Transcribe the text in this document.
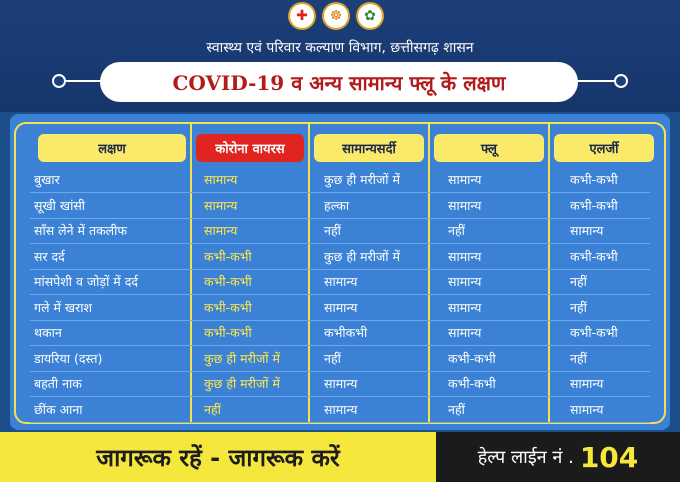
✚	☸	✿
स्वास्थ्य एवं परिवार कल्याण विभाग, छत्तीसगढ़ शासन
COVID-19 व अन्य सामान्य फ्लू के लक्षण
लक्षण	कोरोना वायरस	सामान्यसर्दी	फ्लू	एलर्जी
बुखार	सामान्य	कुछ ही मरीजों में	सामान्य	कभी-कभी
सूखी खांसी	सामान्य	हल्का	सामान्य	कभी-कभी
साँस लेने में तकलीफ	सामान्य	नहीं	नहीं	सामान्य
सर दर्द	कभी-कभी	कुछ ही मरीजों में	सामान्य	कभी-कभी
मांसपेशी व जोड़ों में दर्द	कभी-कभी	सामान्य	सामान्य	नहीं
गले में खराश	कभी-कभी	सामान्य	सामान्य	नहीं
थकान	कभी-कभी	कभीकभी	सामान्य	कभी-कभी
डायरिया (दस्त)	कुछ ही मरीजों में	नहीं	कभी-कभी	नहीं
बहती नाक	कुछ ही मरीजों में	सामान्य	कभी-कभी	सामान्य
छींक आना	नहीं	सामान्य	नहीं	सामान्य
जागरूक रहें - जागरूक करें	हेल्प लाईन नं . 104
